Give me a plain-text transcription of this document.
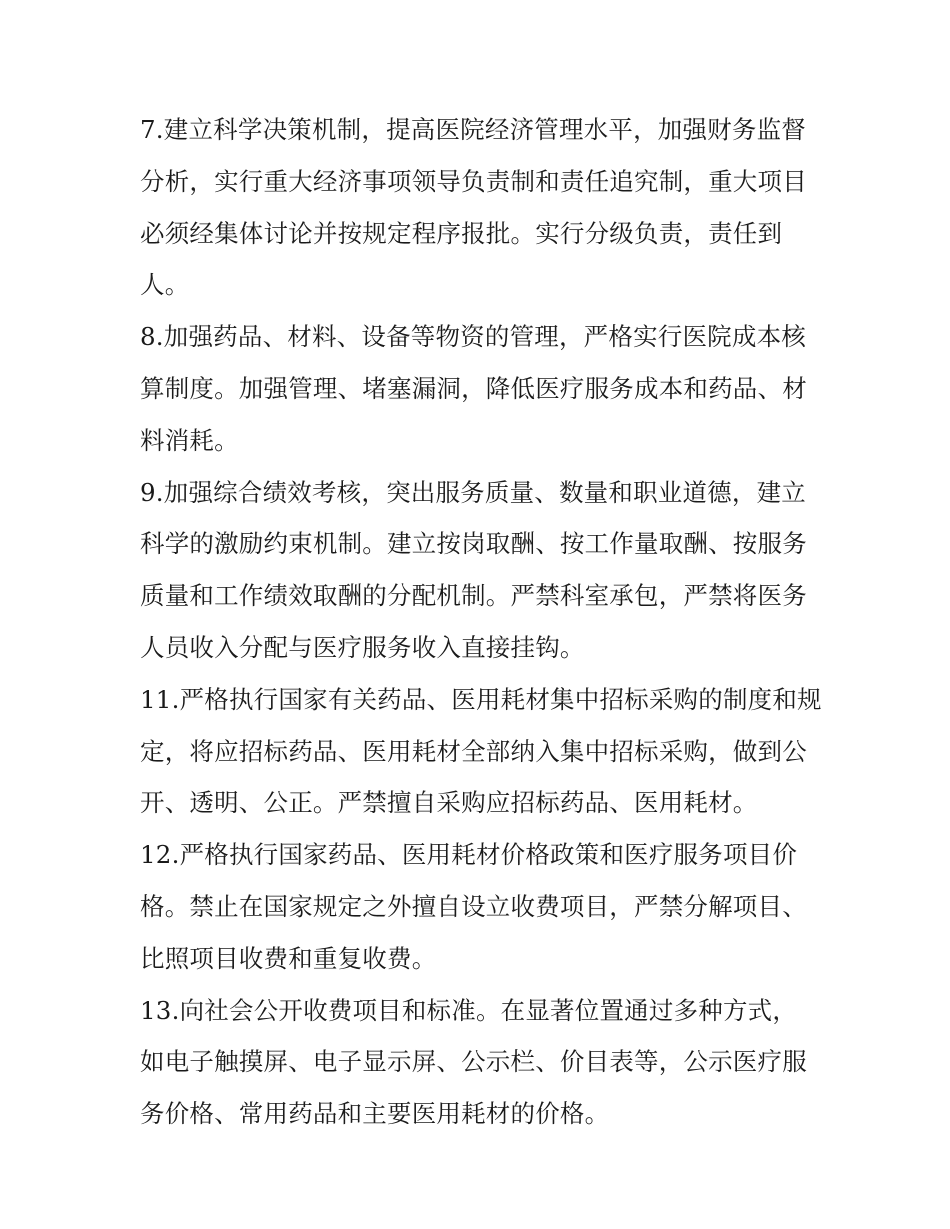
7.建立科学决策机制，提高医院经济管理水平，加强财务监督
分析，实行重大经济事项领导负责制和责任追究制，重大项目
必须经集体讨论并按规定程序报批。实行分级负责，责任到
人。
8.加强药品、材料、设备等物资的管理，严格实行医院成本核
算制度。加强管理、堵塞漏洞，降低医疗服务成本和药品、材
料消耗。
9.加强综合绩效考核，突出服务质量、数量和职业道德，建立
科学的激励约束机制。建立按岗取酬、按工作量取酬、按服务
质量和工作绩效取酬的分配机制。严禁科室承包，严禁将医务
人员收入分配与医疗服务收入直接挂钩。
11.严格执行国家有关药品、医用耗材集中招标采购的制度和规
定，将应招标药品、医用耗材全部纳入集中招标采购，做到公
开、透明、公正。严禁擅自采购应招标药品、医用耗材。
12.严格执行国家药品、医用耗材价格政策和医疗服务项目价
格。禁止在国家规定之外擅自设立收费项目，严禁分解项目、
比照项目收费和重复收费。
13.向社会公开收费项目和标准。在显著位置通过多种方式，
如电子触摸屏、电子显示屏、公示栏、价目表等，公示医疗服
务价格、常用药品和主要医用耗材的价格。
